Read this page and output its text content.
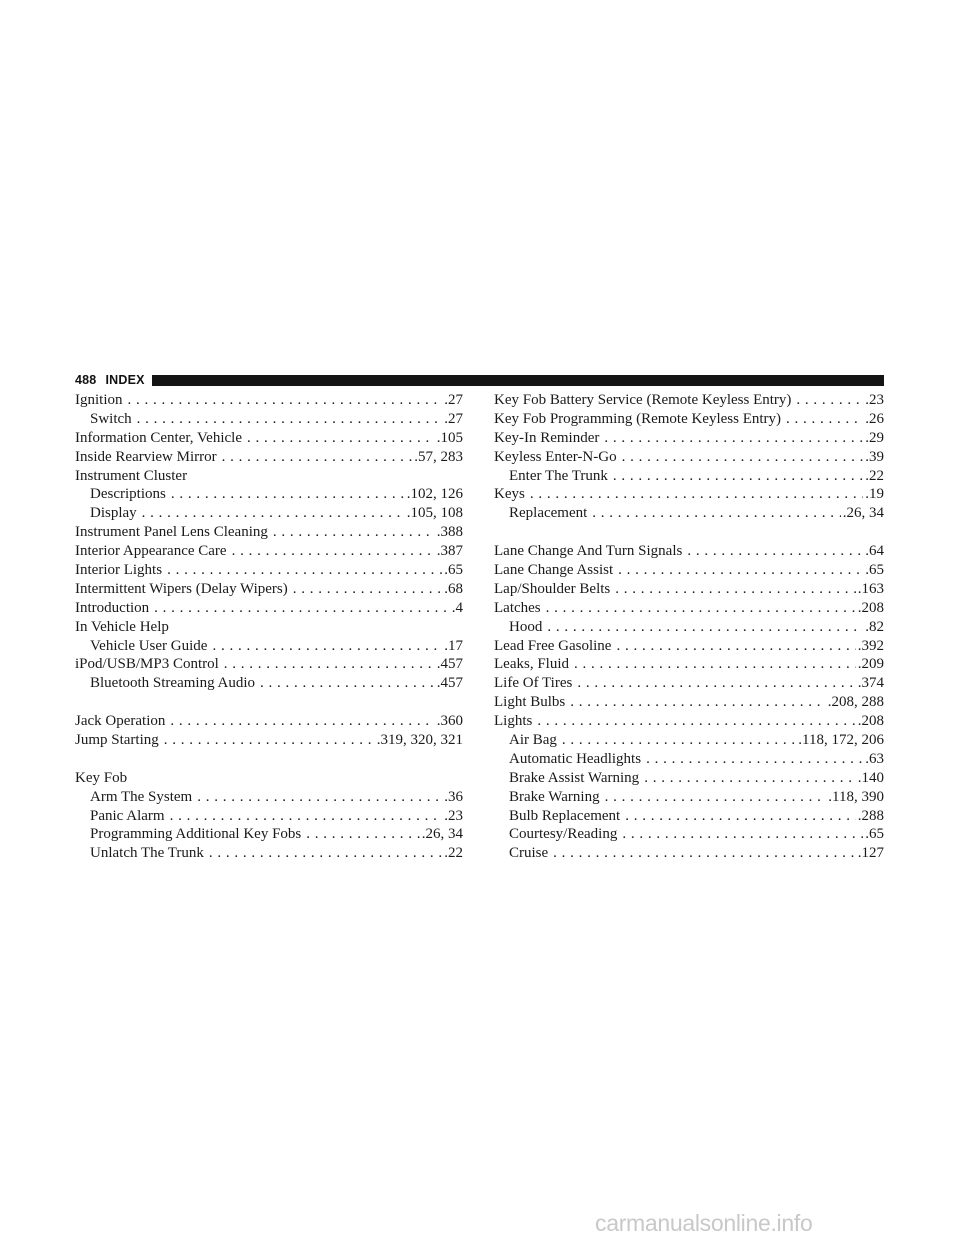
488 INDEX
Ignition . . .	.27
Switch . . .	.27
Information Center, Vehicle . . .	.105
Inside Rearview Mirror . . .	.57, 283
Instrument Cluster
Descriptions . . .	.102, 126
Display . . .	.105, 108
Instrument Panel Lens Cleaning . . .	.388
Interior Appearance Care . . .	.387
Interior Lights . . .	.65
Intermittent Wipers (Delay Wipers) . . .	.68
Introduction . . .	.4
In Vehicle Help
Vehicle User Guide . . .	.17
iPod/USB/MP3 Control . . .	.457
Bluetooth Streaming Audio . . .	.457
Jack Operation . . .	.360
Jump Starting . . .	.319, 320, 321
Key Fob
Arm The System . . .	.36
Panic Alarm . . .	.23
Programming Additional Key Fobs . . .	.26, 34
Unlatch The Trunk . . .	.22
Key Fob Battery Service (Remote Keyless Entry) . . .	.23
Key Fob Programming (Remote Keyless Entry) . . .	.26
Key-In Reminder . . .	.29
Keyless Enter-N-Go . . .	.39
Enter The Trunk . . .	.22
Keys . . .	.19
Replacement . . .	.26, 34
Lane Change And Turn Signals . . .	.64
Lane Change Assist . . .	.65
Lap/Shoulder Belts . . .	.163
Latches . . .	.208
Hood . . .	.82
Lead Free Gasoline . . .	.392
Leaks, Fluid . . .	.209
Life Of Tires . . .	.374
Light Bulbs . . .	.208, 288
Lights . . .	.208
Air Bag . . .	.118, 172, 206
Automatic Headlights . . .	.63
Brake Assist Warning . . .	.140
Brake Warning . . .	.118, 390
Bulb Replacement . . .	.288
Courtesy/Reading . . .	.65
Cruise . . .	.127
carmanualsonline.info
